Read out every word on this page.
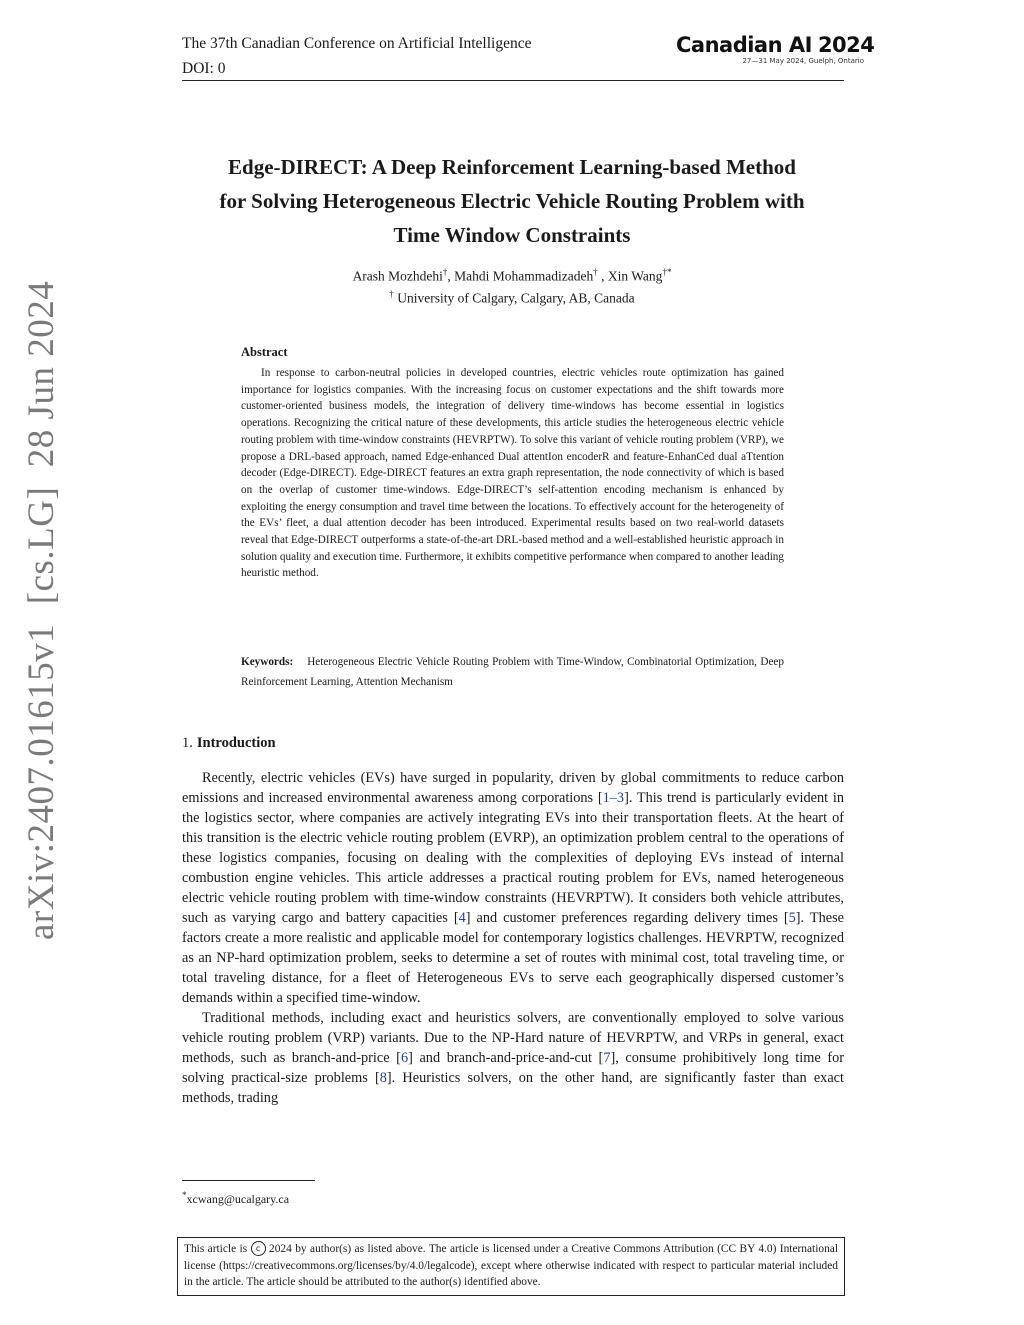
The 37th Canadian Conference on Artificial Intelligence
DOI: 0
Canadian AI 2024
27—31 May 2024, Guelph, Ontario
arXiv:2407.01615v1  [cs.LG]  28 Jun 2024
Edge-DIRECT: A Deep Reinforcement Learning-based Method
for Solving Heterogeneous Electric Vehicle Routing Problem with
Time Window Constraints
Arash Mozhdehi†, Mahdi Mohammadizadeh† , Xin Wang†*
† University of Calgary, Calgary, AB, Canada
Abstract
In response to carbon-neutral policies in developed countries, electric vehicles route optimization has gained importance for logistics companies. With the increasing focus on customer expectations and the shift towards more customer-oriented business models, the integration of delivery time-windows has become essential in logistics operations. Recognizing the critical nature of these developments, this article studies the heterogeneous electric vehicle routing problem with time-window constraints (HEVRPTW). To solve this variant of vehicle routing problem (VRP), we propose a DRL-based approach, named Edge-enhanced Dual attentIon encoderR and feature-EnhanCed dual aTtention decoder (Edge-DIRECT). Edge-DIRECT features an extra graph representation, the node connectivity of which is based on the overlap of customer time-windows. Edge-DIRECT’s self-attention encoding mechanism is enhanced by exploiting the energy consumption and travel time between the locations. To effectively account for the heterogeneity of the EVs’ fleet, a dual attention decoder has been introduced. Experimental results based on two real-world datasets reveal that Edge-DIRECT outperforms a state-of-the-art DRL-based method and a well-established heuristic approach in solution quality and execution time. Furthermore, it exhibits competitive performance when compared to another leading heuristic method.
Keywords: Heterogeneous Electric Vehicle Routing Problem with Time-Window, Combinatorial Optimization, Deep Reinforcement Learning, Attention Mechanism
1. Introduction

Recently, electric vehicles (EVs) have surged in popularity, driven by global commitments to reduce carbon emissions and increased environmental awareness among corporations [1–3]. This trend is particularly evident in the logistics sector, where companies are actively integrating EVs into their transportation fleets. At the heart of this transition is the electric vehicle routing problem (EVRP), an optimization problem central to the operations of these logistics companies, focusing on dealing with the complexities of deploying EVs instead of internal combustion engine vehicles. This article addresses a practical routing problem for EVs, named heterogeneous electric vehicle routing problem with time-window constraints (HEVRPTW). It considers both vehicle attributes, such as varying cargo and battery capacities [4] and customer preferences regarding delivery times [5]. These factors create a more realistic and applicable model for contemporary logistics challenges. HEVRPTW, recognized as an NP-hard optimization problem, seeks to determine a set of routes with minimal cost, total traveling time, or total traveling distance, for a fleet of Heterogeneous EVs to serve each geographically dispersed customer’s demands within a specified time-window.

Traditional methods, including exact and heuristics solvers, are conventionally employed to solve various vehicle routing problem (VRP) variants. Due to the NP-Hard nature of HEVRPTW, and VRPs in general, exact methods, such as branch-and-price [6] and branch-and-price-and-cut [7], consume prohibitively long time for solving practical-size problems [8]. Heuristics solvers, on the other hand, are significantly faster than exact methods, trading

*xcwang@ucalgary.ca
This article is c 2024 by author(s) as listed above. The article is licensed under a Creative Commons Attribution (CC BY 4.0) International license (https://creativecommons.org/licenses/by/4.0/legalcode), except where otherwise indicated with respect to particular material included in the article. The article should be attributed to the author(s) identified above.
